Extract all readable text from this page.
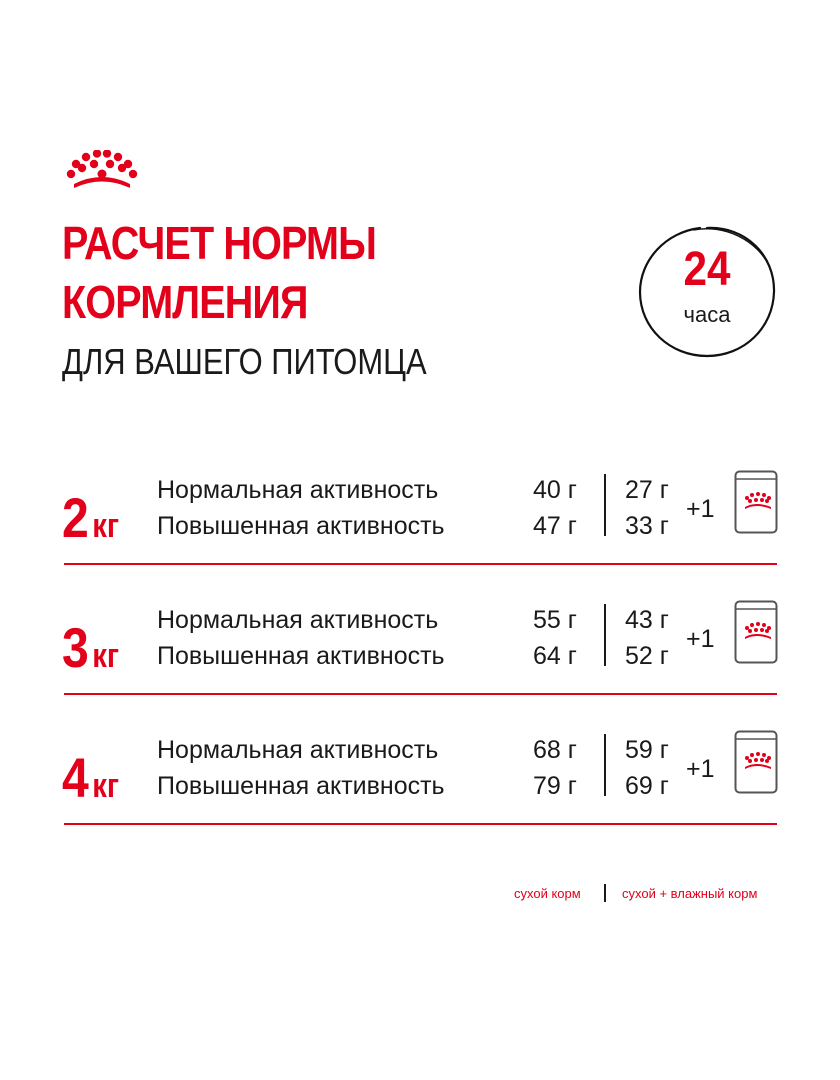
РАСЧЕТ НОРМЫ
КОРМЛЕНИЯ
ДЛЯ ВАШЕГО ПИТОМЦА
24
часа
2 кг
Нормальная активность
Повышенная активность
40 г
47 г
27 г
33 г
+1
3 кг
Нормальная активность
Повышенная активность
55 г
64 г
43 г
52 г
+1
4 кг
Нормальная активность
Повышенная активность
68 г
79 г
59 г
69 г
+1
сухой корм	сухой + влажный корм
